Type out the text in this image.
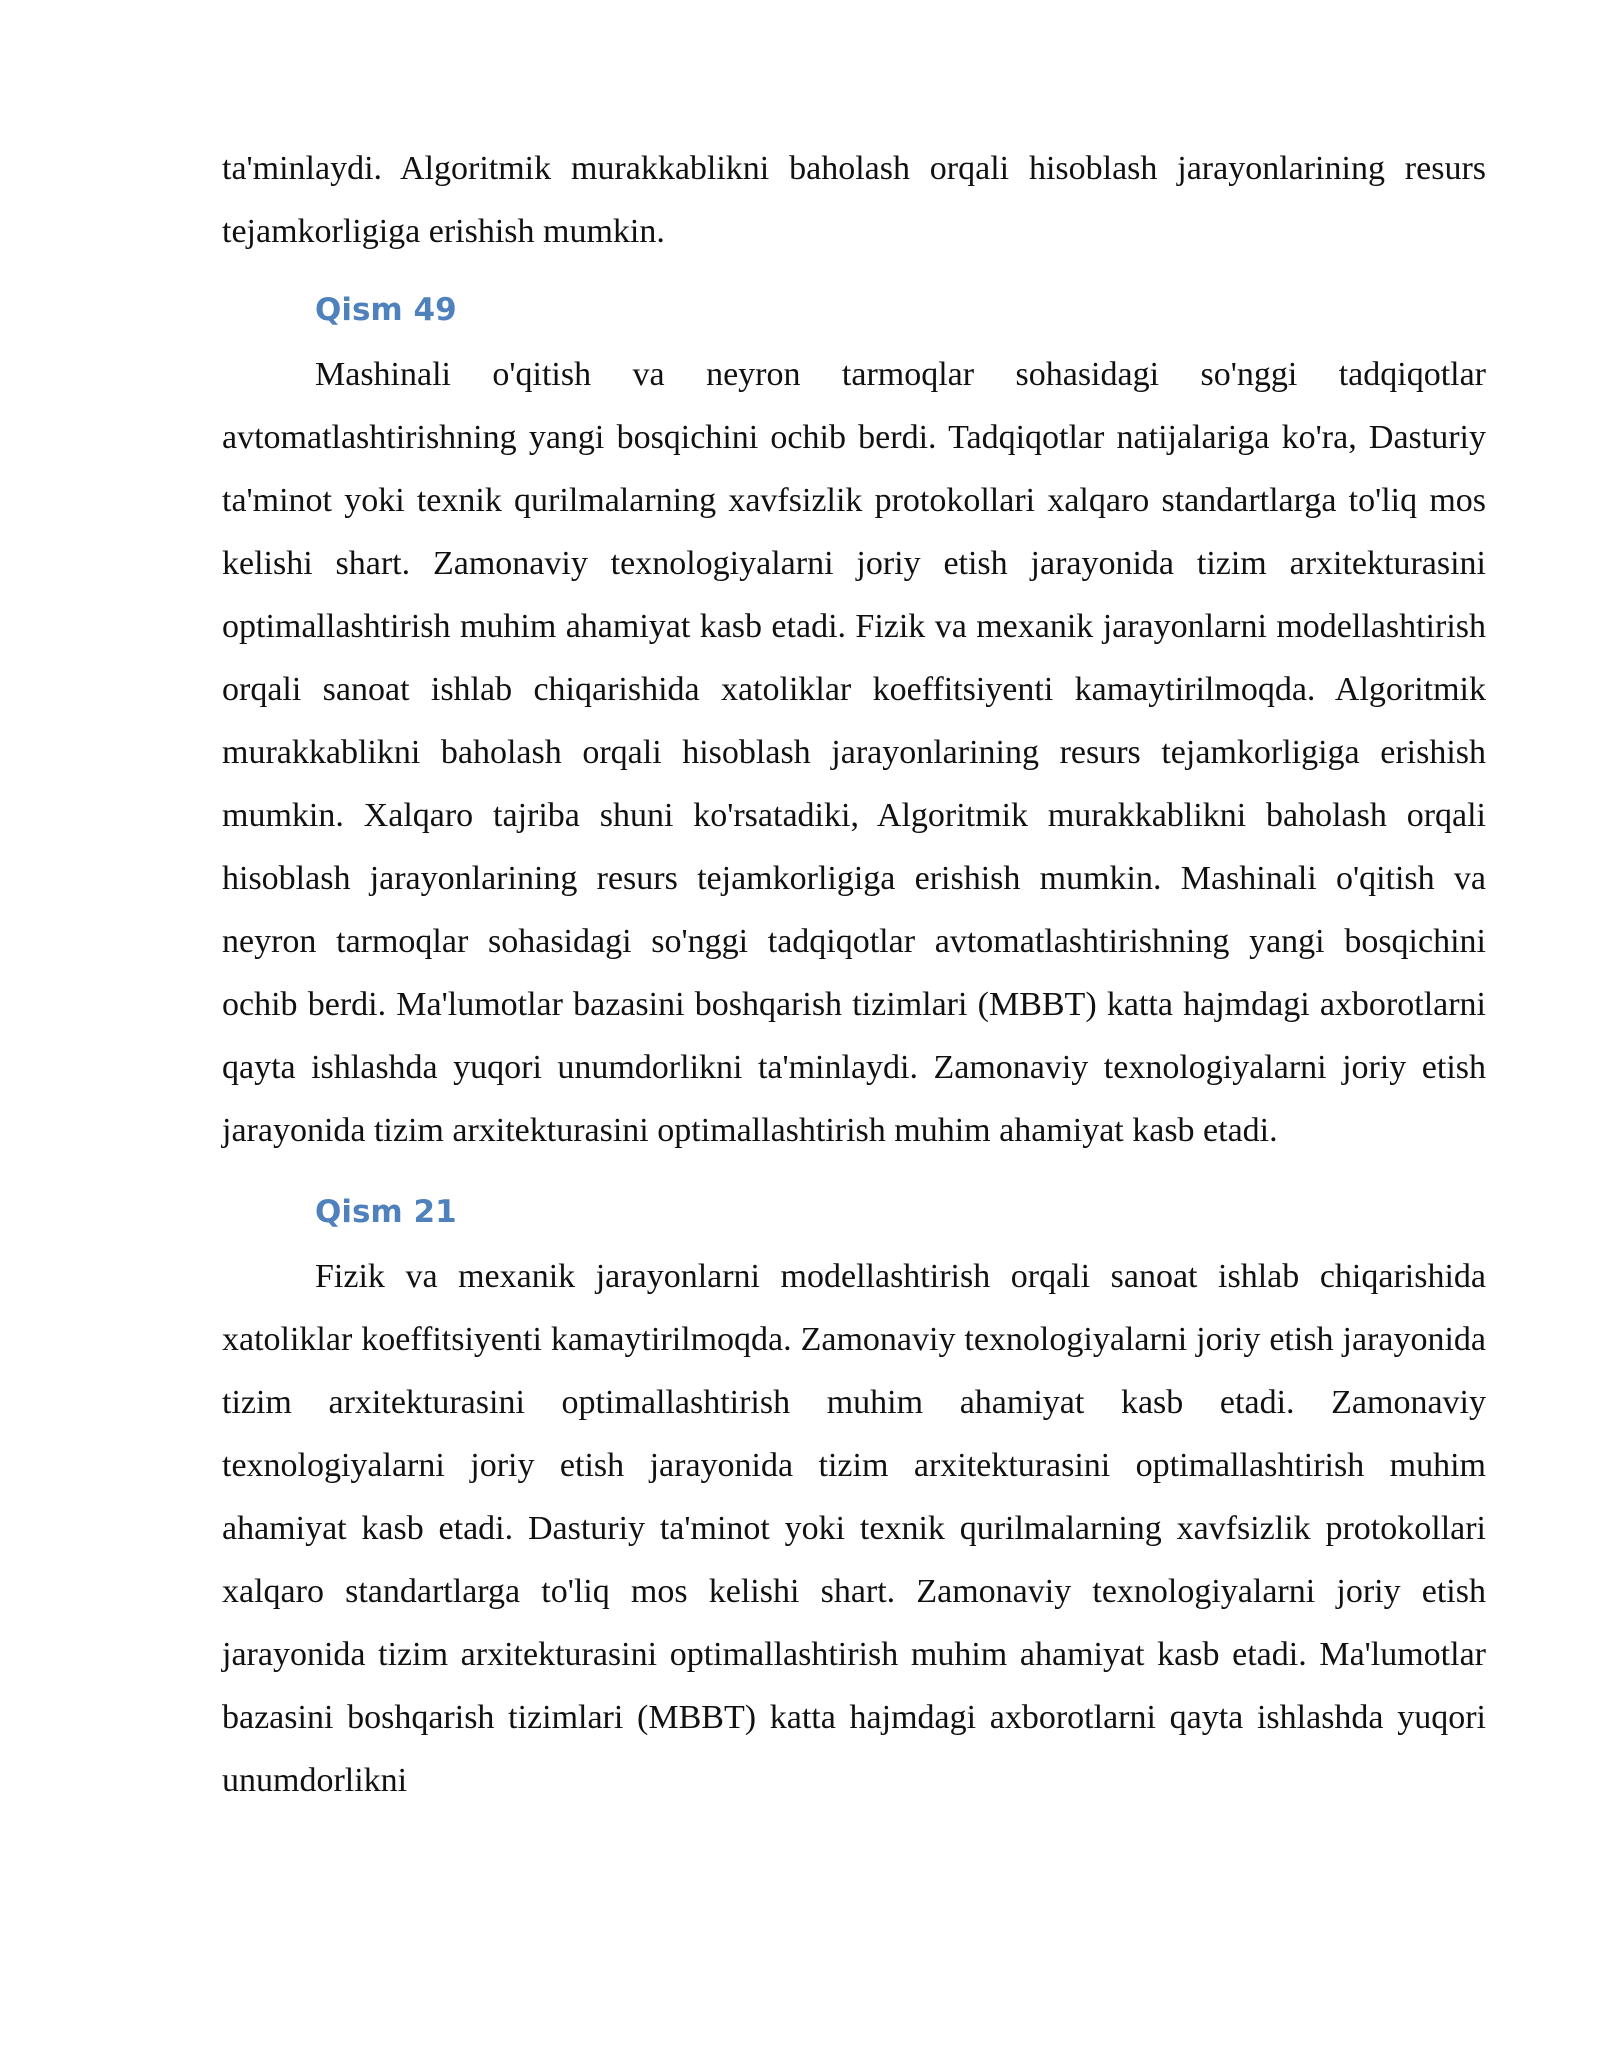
ta'minlaydi. Algoritmik murakkablikni baholash orqali hisoblash jarayonlarining resurs tejamkorligiga erishish mumkin.

Qism 49

Mashinali o'qitish va neyron tarmoqlar sohasidagi so'nggi tadqiqotlar avtomatlashtirishning yangi bosqichini ochib berdi. Tadqiqotlar natijalariga ko'ra, Dasturiy ta'minot yoki texnik qurilmalarning xavfsizlik protokollari xalqaro standartlarga to'liq mos kelishi shart. Zamonaviy texnologiyalarni joriy etish jarayonida tizim arxitekturasini optimallashtirish muhim ahamiyat kasb etadi. Fizik va mexanik jarayonlarni modellashtirish orqali sanoat ishlab chiqarishida xatoliklar koeffitsiyenti kamaytirilmoqda. Algoritmik murakkablikni baholash orqali hisoblash jarayonlarining resurs tejamkorligiga erishish mumkin. Xalqaro tajriba shuni ko'rsatadiki, Algoritmik murakkablikni baholash orqali hisoblash jarayonlarining resurs tejamkorligiga erishish mumkin. Mashinali o'qitish va neyron tarmoqlar sohasidagi so'nggi tadqiqotlar avtomatlashtirishning yangi bosqichini ochib berdi. Ma'lumotlar bazasini boshqarish tizimlari (MBBT) katta hajmdagi axborotlarni qayta ishlashda yuqori unumdorlikni ta'minlaydi. Zamonaviy texnologiyalarni joriy etish jarayonida tizim arxitekturasini optimallashtirish muhim ahamiyat kasb etadi.

Qism 21

Fizik va mexanik jarayonlarni modellashtirish orqali sanoat ishlab chiqarishida xatoliklar koeffitsiyenti kamaytirilmoqda. Zamonaviy texnologiyalarni joriy etish jarayonida tizim arxitekturasini optimallashtirish muhim ahamiyat kasb etadi. Zamonaviy texnologiyalarni joriy etish jarayonida tizim arxitekturasini optimallashtirish muhim ahamiyat kasb etadi. Dasturiy ta'minot yoki texnik qurilmalarning xavfsizlik protokollari xalqaro standartlarga to'liq mos kelishi shart. Zamonaviy texnologiyalarni joriy etish jarayonida tizim arxitekturasini optimallashtirish muhim ahamiyat kasb etadi. Ma'lumotlar bazasini boshqarish tizimlari (MBBT) katta hajmdagi axborotlarni qayta ishlashda yuqori unumdorlikni
